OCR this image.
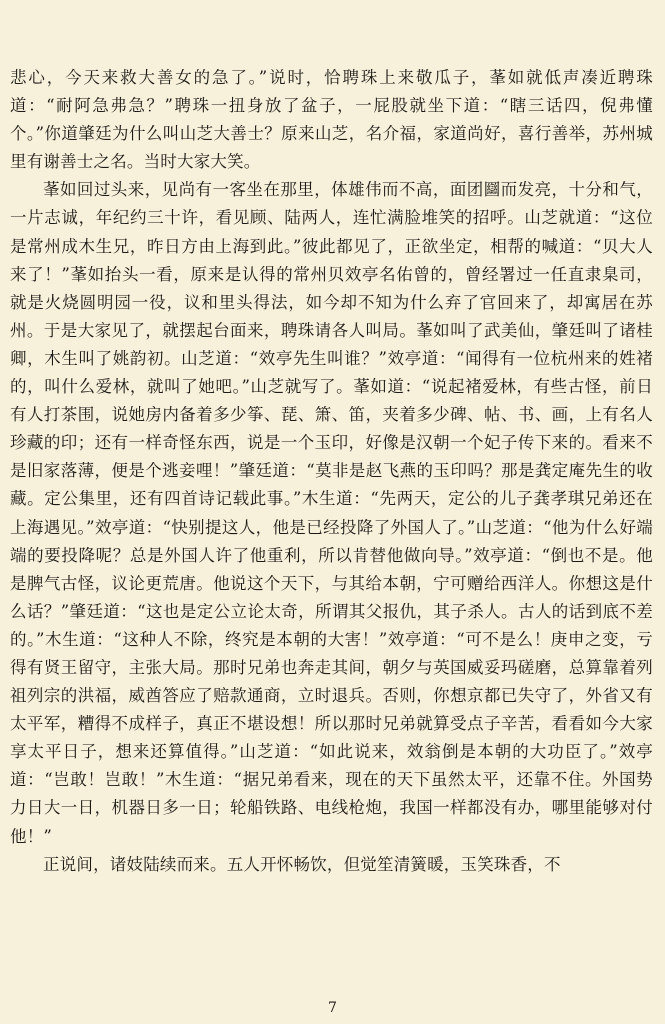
悲心，今天来救大善女的急了。”说时，恰聘珠上来敬瓜子，莑如就低声凑近聘珠道：“耐阿急弗急？”聘珠一扭身放了盆子，一屁股就坐下道：“瞎三话四，倪弗懂个。”你道肇廷为什么叫山芝大善士？原来山芝，名介福，家道尚好，喜行善举，苏州城里有谢善士之名。当时大家大笑。

莑如回过头来，见尚有一客坐在那里，体雄伟而不高，面团圝而发亮，十分和气，一片志诚，年纪约三十许，看见顾、陆两人，连忙满脸堆笑的招呼。山芝就道：“这位是常州成木生兄，昨日方由上海到此。”彼此都见了，正欲坐定，相帮的喊道：“贝大人来了！”莑如抬头一看，原来是认得的常州贝效亭名佑曾的，曾经署过一任直隶臬司，就是火烧圆明园一役，议和里头得法，如今却不知为什么弃了官回来了，却寓居在苏州。于是大家见了，就摆起台面来，聘珠请各人叫局。莑如叫了武美仙，肇廷叫了诸桂卿，木生叫了姚韵初。山芝道：“效亭先生叫谁？”效亭道：“闻得有一位杭州来的姓褚的，叫什么爱林，就叫了她吧。”山芝就写了。莑如道：“说起褚爱林，有些古怪，前日有人打茶围，说她房内备着多少筝、琵、箫、笛，夹着多少碑、帖、书、画，上有名人珍藏的印；还有一样奇怪东西，说是一个玉印，好像是汉朝一个妃子传下来的。看来不是旧家落薄，便是个逃妾哩！”肇廷道：“莫非是赵飞燕的玉印吗？那是龚定庵先生的收藏。定公集里，还有四首诗记载此事。”木生道：“先两天，定公的儿子龚孝琪兄弟还在上海遇见。”效亭道：“快别提这人，他是已经投降了外国人了。”山芝道：“他为什么好端端的要投降呢？总是外国人许了他重利，所以肯替他做向导。”效亭道：“倒也不是。他是脾气古怪，议论更荒唐。他说这个天下，与其给本朝，宁可赠给西洋人。你想这是什么话？”肇廷道：“这也是定公立论太奇，所谓其父报仇，其子杀人。古人的话到底不差的。”木生道：“这种人不除，终究是本朝的大害！”效亭道：“可不是么！庚申之变，亏得有贤王留守，主张大局。那时兄弟也奔走其间，朝夕与英国威妥玛磋磨，总算靠着列祖列宗的洪福，威酋答应了赔款通商，立时退兵。否则，你想京都已失守了，外省又有太平军，糟得不成样子，真正不堪设想！所以那时兄弟就算受点子辛苦，看看如今大家享太平日子，想来还算值得。”山芝道：“如此说来，效翁倒是本朝的大功臣了。”效亭道：“岂敢！岂敢！”木生道：“据兄弟看来，现在的天下虽然太平，还靠不住。外国势力日大一日，机器日多一日；轮船铁路、电线枪炮，我国一样都没有办，哪里能够对付他！”

正说间，诸妓陆续而来。五人开怀畅饮，但觉笙清簧暖，玉笑珠香，不

7
